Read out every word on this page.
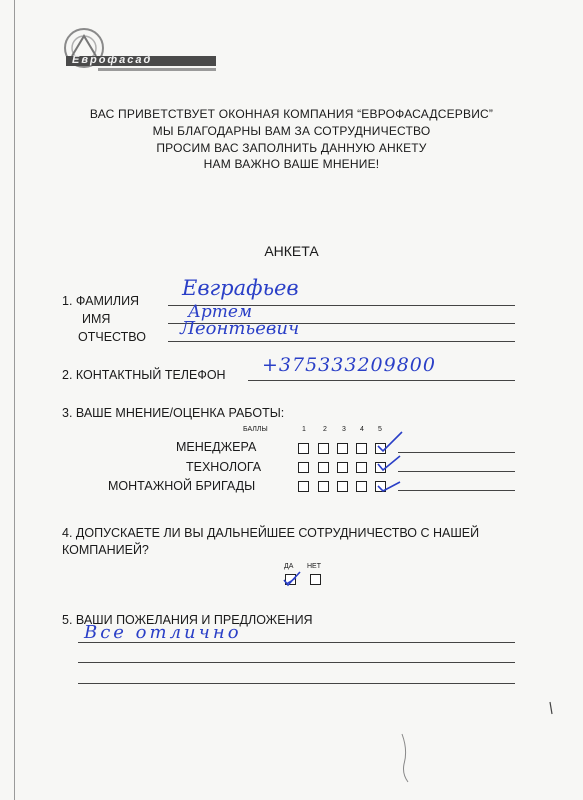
Еврофасад
ВАС ПРИВЕТСТВУЕТ ОКОННАЯ КОМПАНИЯ “ЕВРОФАСАДСЕРВИС”
МЫ БЛАГОДАРНЫ ВАМ ЗА СОТРУДНИЧЕСТВО
ПРОСИМ ВАС ЗАПОЛНИТЬ ДАННУЮ АНКЕТУ
НАМ ВАЖНО ВАШЕ МНЕНИЕ!
АНКЕТА
1. ФАМИЛИЯ
ИМЯ
ОТЧЕСТВО
Евграфьев
Артем
Леонтьевич
2. КОНТАКТНЫЙ ТЕЛЕФОН +375333209800
3. ВАШЕ МНЕНИЕ/ОЦЕНКА РАБОТЫ:
БАЛЛЫ	1 2 3 4 5
МЕНЕДЖЕРА
ТЕХНОЛОГА
МОНТАЖНОЙ БРИГАДЫ
4. ДОПУСКАЕТЕ ЛИ ВЫ ДАЛЬНЕЙШЕЕ СОТРУДНИЧЕСТВО С НАШЕЙ
КОМПАНИЕЙ?
ДА НЕТ
5. ВАШИ ПОЖЕЛАНИЯ И ПРЕДЛОЖЕНИЯ
Все отлично
